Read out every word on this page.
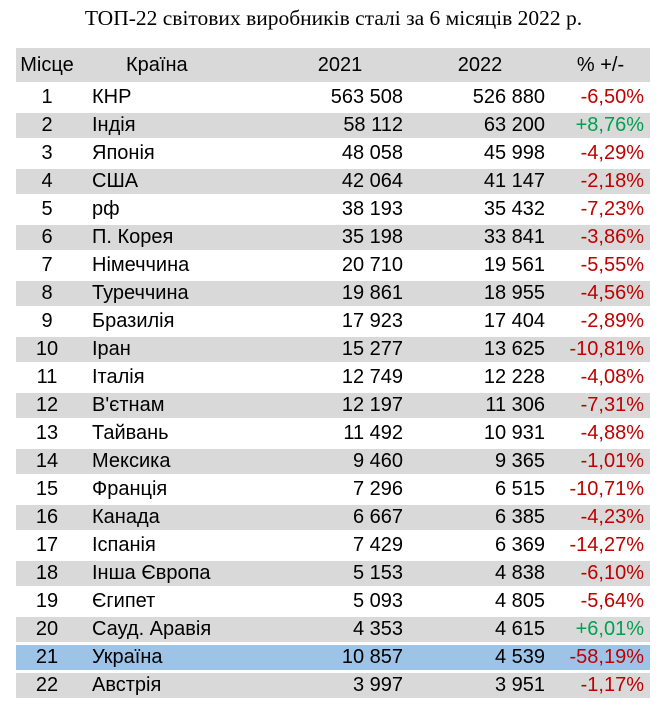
ТОП-22 світових виробників сталі за 6 місяців 2022 р.
Місце	Країна	2021	2022	% +/-
1	КНР	563 508	526 880	-6,50%
2	Індія	58 112	63 200	+8,76%
3	Японія	48 058	45 998	-4,29%
4	США	42 064	41 147	-2,18%
5	рф	38 193	35 432	-7,23%
6	П. Корея	35 198	33 841	-3,86%
7	Німеччина	20 710	19 561	-5,55%
8	Туреччина	19 861	18 955	-4,56%
9	Бразилія	17 923	17 404	-2,89%
10	Іран	15 277	13 625	-10,81%
11	Італія	12 749	12 228	-4,08%
12	В'єтнам	12 197	11 306	-7,31%
13	Тайвань	11 492	10 931	-4,88%
14	Мексика	9 460	9 365	-1,01%
15	Франція	7 296	6 515	-10,71%
16	Канада	6 667	6 385	-4,23%
17	Іспанія	7 429	6 369	-14,27%
18	Інша Європа	5 153	4 838	-6,10%
19	Єгипет	5 093	4 805	-5,64%
20	Сауд. Аравія	4 353	4 615	+6,01%
21	Україна	10 857	4 539	-58,19%
22	Австрія	3 997	3 951	-1,17%
